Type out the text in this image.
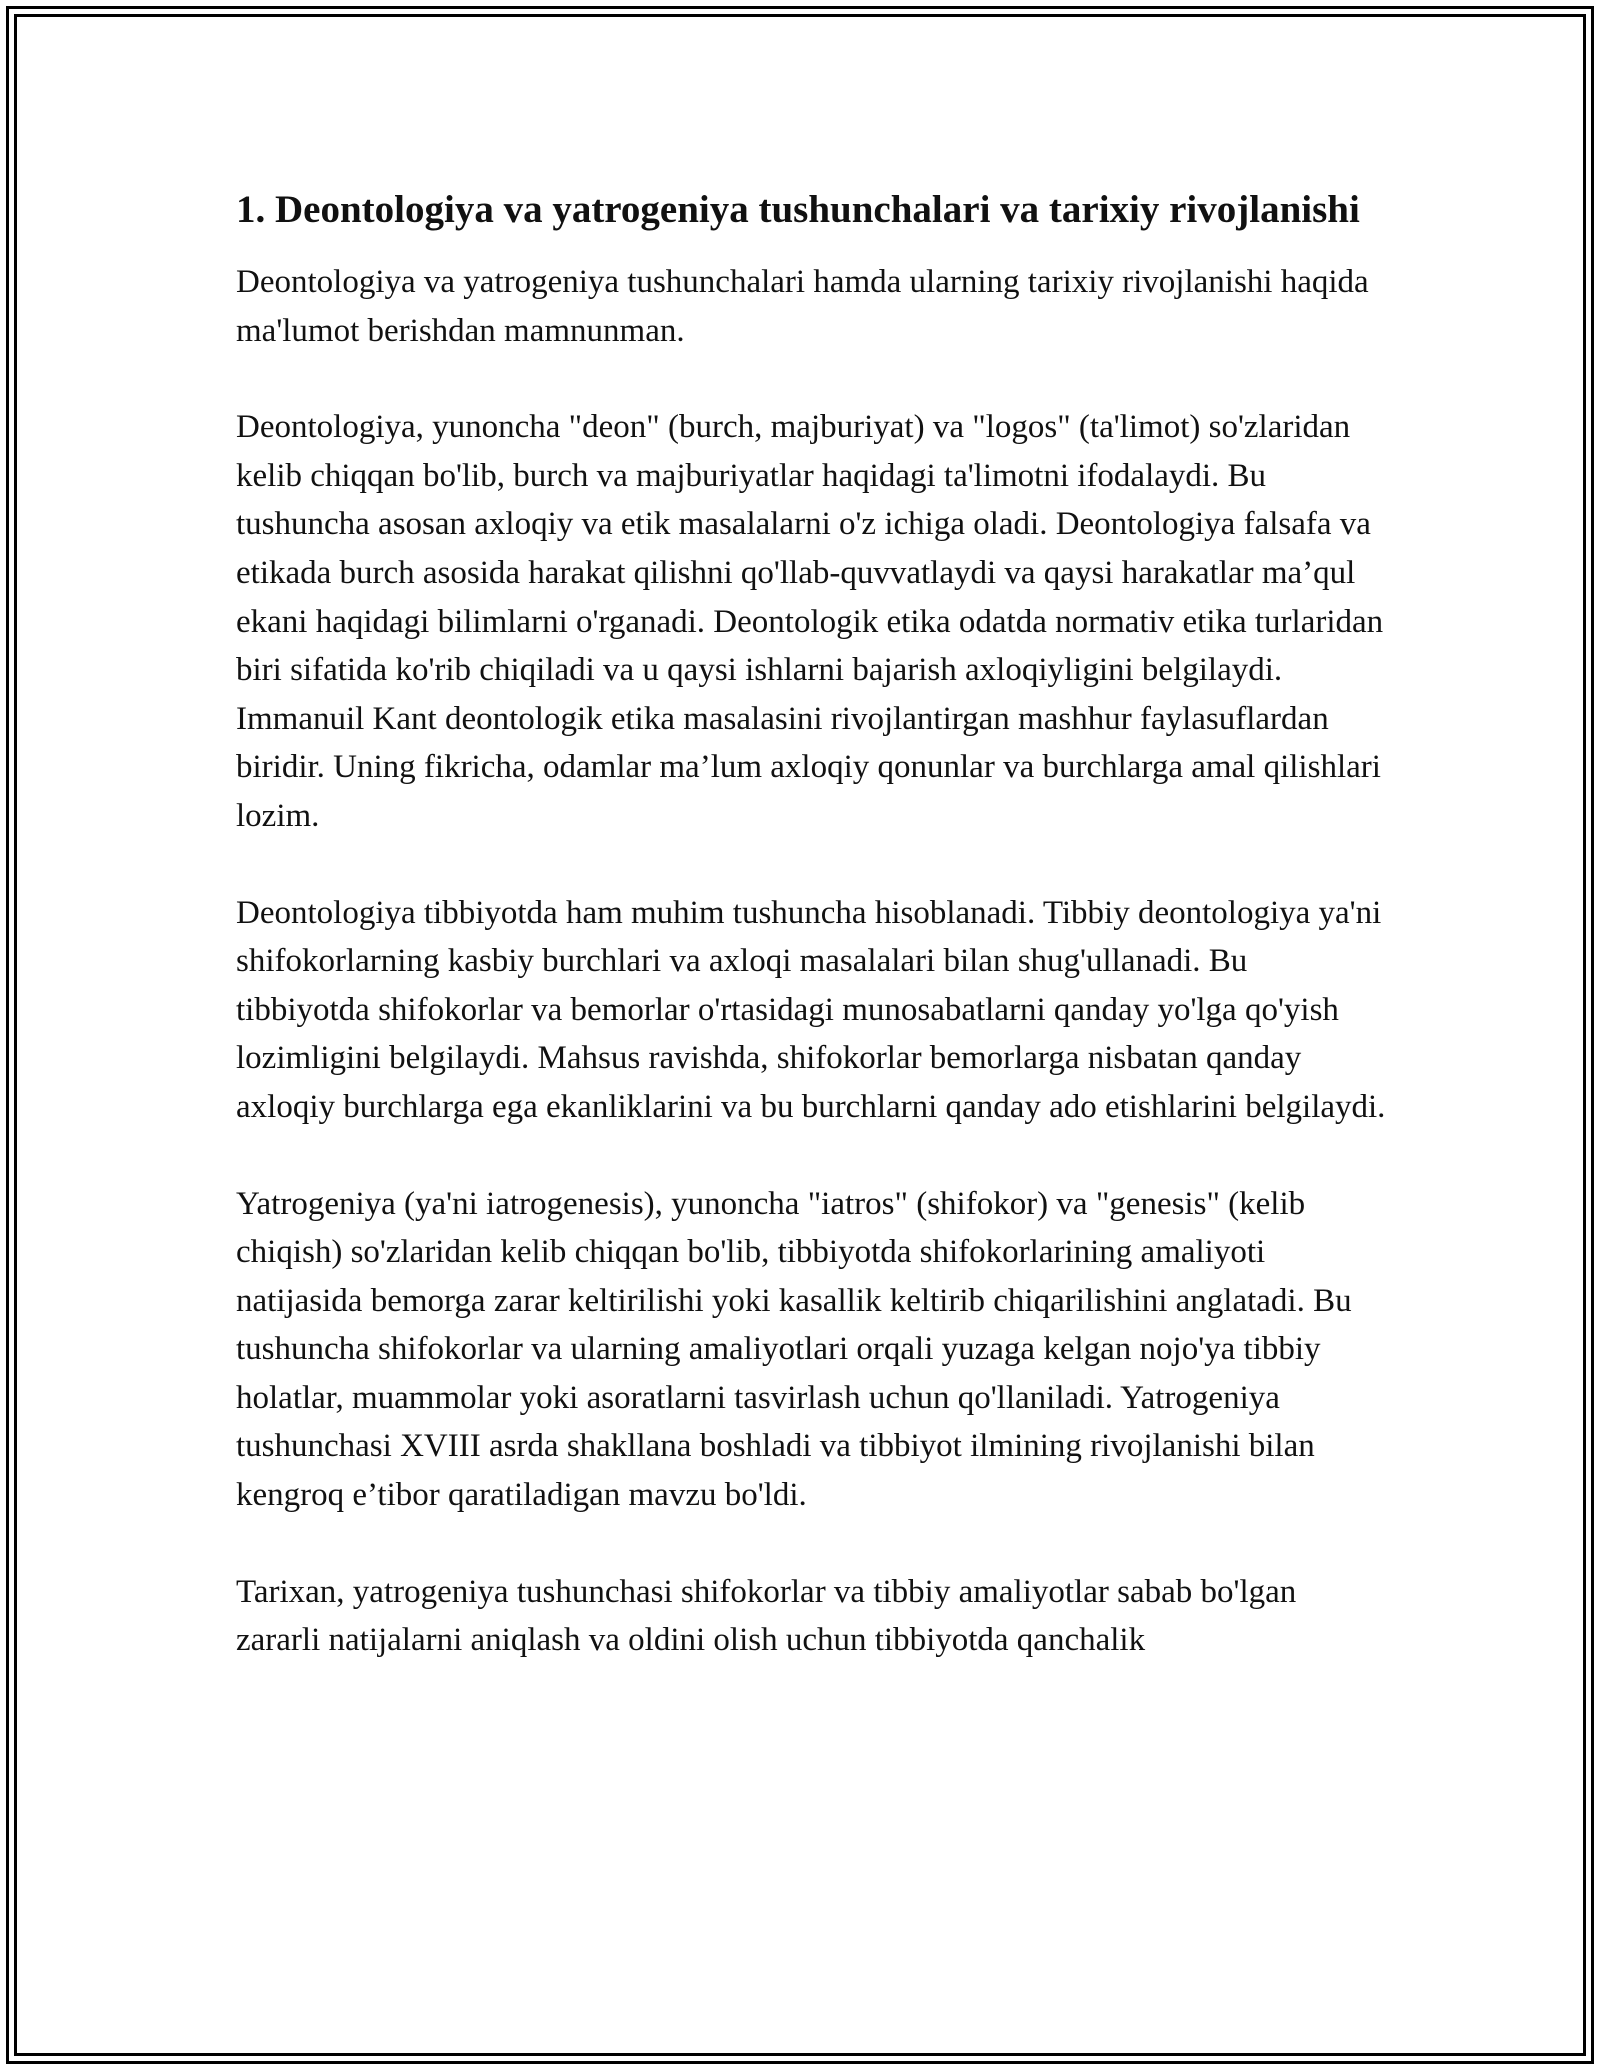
1. Deontologiya va yatrogeniya tushunchalari va tarixiy rivojlanishi

Deontologiya va yatrogeniya tushunchalari hamda ularning tarixiy rivojlanishi haqida ma'lumot berishdan mamnunman.

Deontologiya, yunoncha "deon" (burch, majburiyat) va "logos" (ta'limot) so'zlaridan kelib chiqqan bo'lib, burch va majburiyatlar haqidagi ta'limotni ifodalaydi. Bu tushuncha asosan axloqiy va etik masalalarni o'z ichiga oladi. Deontologiya falsafa va etikada burch asosida harakat qilishni qo'llab-quvvatlaydi va qaysi harakatlar ma’qul ekani haqidagi bilimlarni o'rganadi. Deontologik etika odatda normativ etika turlaridan biri sifatida ko'rib chiqiladi va u qaysi ishlarni bajarish axloqiyligini belgilaydi. Immanuil Kant deontologik etika masalasini rivojlantirgan mashhur faylasuflardan biridir. Uning fikricha, odamlar ma’lum axloqiy qonunlar va burchlarga amal qilishlari lozim.

Deontologiya tibbiyotda ham muhim tushuncha hisoblanadi. Tibbiy deontologiya ya'ni shifokorlarning kasbiy burchlari va axloqi masalalari bilan shug'ullanadi. Bu tibbiyotda shifokorlar va bemorlar o'rtasidagi munosabatlarni qanday yo'lga qo'yish lozimligini belgilaydi. Mahsus ravishda, shifokorlar bemorlarga nisbatan qanday axloqiy burchlarga ega ekanliklarini va bu burchlarni qanday ado etishlarini belgilaydi.

Yatrogeniya (ya'ni iatrogenesis), yunoncha "iatros" (shifokor) va "genesis" (kelib chiqish) so'zlaridan kelib chiqqan bo'lib, tibbiyotda shifokorlarining amaliyoti natijasida bemorga zarar keltirilishi yoki kasallik keltirib chiqarilishini anglatadi. Bu tushuncha shifokorlar va ularning amaliyotlari orqali yuzaga kelgan nojo'ya tibbiy holatlar, muammolar yoki asoratlarni tasvirlash uchun qo'llaniladi. Yatrogeniya tushunchasi XVIII asrda shakllana boshladi va tibbiyot ilmining rivojlanishi bilan kengroq e’tibor qaratiladigan mavzu bo'ldi.

Tarixan, yatrogeniya tushunchasi shifokorlar va tibbiy amaliyotlar sabab bo'lgan zararli natijalarni aniqlash va oldini olish uchun tibbiyotda qanchalik
